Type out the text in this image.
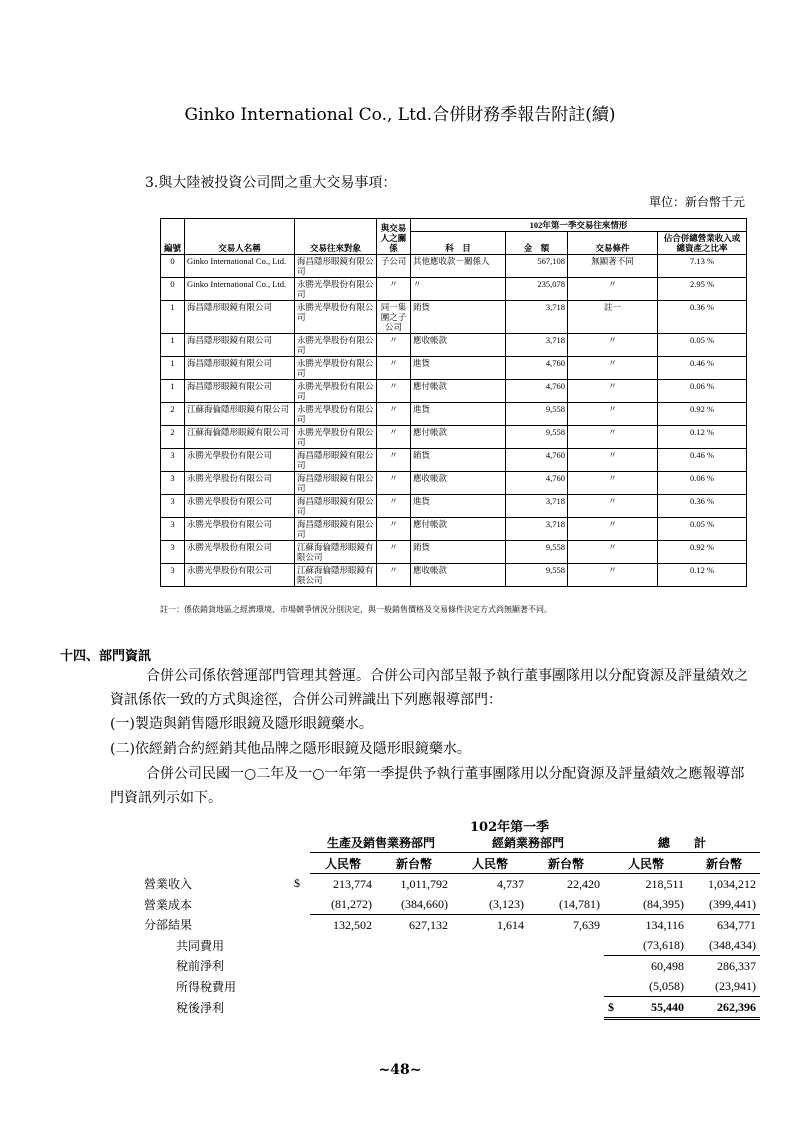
Ginko International Co., Ltd.合併財務季報告附註(續)
3.與大陸被投資公司間之重大交易事項：
單位：新台幣千元
編號	交易人名稱	交易往來對象	與交易人之關係	102年第一季交易往來情形			
				科　目	金　額	交易條件	佔合併總營業收入或總資產之比率
0	Ginko International Co., Ltd.	海昌隱形眼鏡有限公司	子公司	其他應收款－關係人	567,108	無顯著不同	7.13 %
0	Ginko International Co., Ltd.	永勝光學股份有限公司	〃	〃	235,078	〃	2.95 %
1	海昌隱形眼鏡有限公司	永勝光學股份有限公司	同一集團之子公司	銷貨	3,718	註一	0.36 %
1	海昌隱形眼鏡有限公司	永勝光學股份有限公司	〃	應收帳款	3,718	〃	0.05 %
1	海昌隱形眼鏡有限公司	永勝光學股份有限公司	〃	進貨	4,760	〃	0.46 %
1	海昌隱形眼鏡有限公司	永勝光學股份有限公司	〃	應付帳款	4,760	〃	0.06 %
2	江蘇海倫隱形眼鏡有限公司	永勝光學股份有限公司	〃	進貨	9,558	〃	0.92 %
2	江蘇海倫隱形眼鏡有限公司	永勝光學股份有限公司	〃	應付帳款	9,558	〃	0.12 %
3	永勝光學股份有限公司	海昌隱形眼鏡有限公司	〃	銷貨	4,760	〃	0.46 %
3	永勝光學股份有限公司	海昌隱形眼鏡有限公司	〃	應收帳款	4,760	〃	0.06 %
3	永勝光學股份有限公司	海昌隱形眼鏡有限公司	〃	進貨	3,718	〃	0.36 %
3	永勝光學股份有限公司	海昌隱形眼鏡有限公司	〃	應付帳款	3,718	〃	0.05 %
3	永勝光學股份有限公司	江蘇海倫隱形眼鏡有限公司	〃	銷貨	9,558	〃	0.92 %
3	永勝光學股份有限公司	江蘇海倫隱形眼鏡有限公司	〃	應收帳款	9,558	〃	0.12 %
註一：係依銷貨地區之經濟環境、市場競爭情況分別決定，與一般銷售價格及交易條件決定方式尚無顯著不同。
十四、部門資訊
合併公司係依營運部門管理其營運。合併公司內部呈報予執行董事團隊用以分配資源及評量績效之資訊係依一致的方式與途徑，合併公司辨識出下列應報導部門：
(一)製造與銷售隱形眼鏡及隱形眼鏡藥水。
(二)依經銷合約經銷其他品牌之隱形眼鏡及隱形眼鏡藥水。
合併公司民國一○二年及一○一年第一季提供予執行董事團隊用以分配資源及評量績效之應報導部門資訊列示如下。
102年第一季
		生產及銷售業務部門		經銷業務部門		總　　計	
		人民幣	新台幣	人民幣	新台幣	人民幣	新台幣
營業收入	$	213,774	1,011,792	4,737	22,420	218,511	1,034,212
營業成本		(81,272)	(384,660)	(3,123)	(14,781)	(84,395)	(399,441)
分部結果		132,502	627,132	1,614	7,639	134,116	634,771
共同費用						(73,618)	(348,434)
稅前淨利						60,498	286,337
所得稅費用						(5,058)	(23,941)
稅後淨利						$ 55,440	262,396
~48~
